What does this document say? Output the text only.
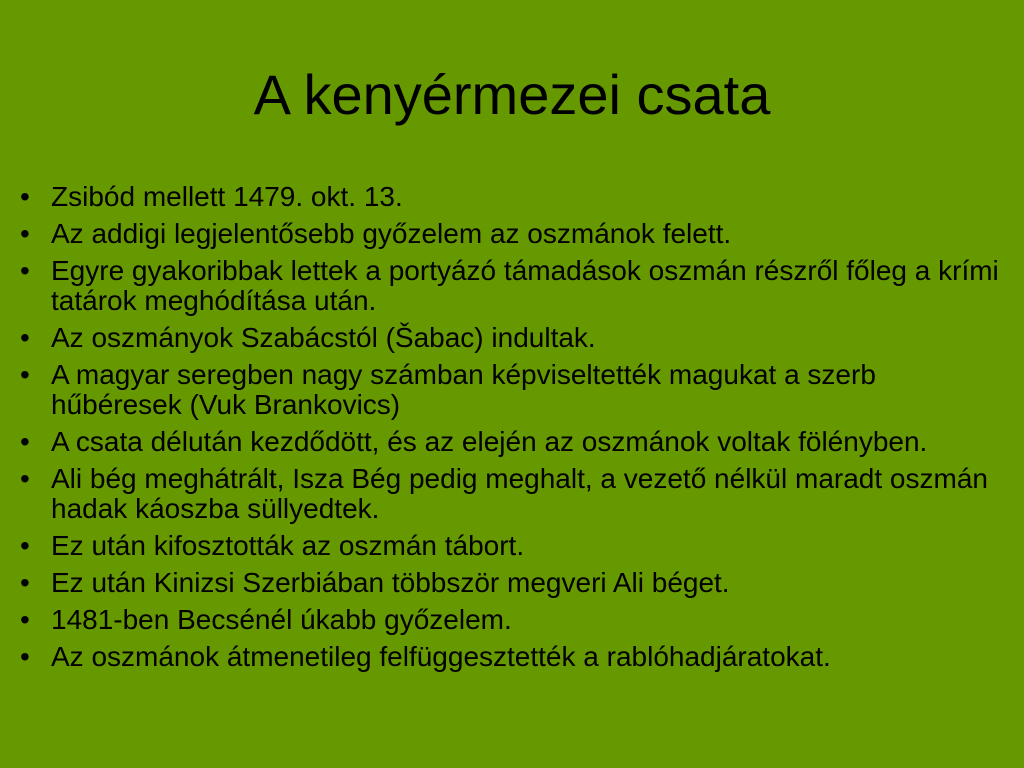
A kenyérmezei csata
• Zsibód mellett 1479. okt. 13.
• Az addigi legjelentősebb győzelem az oszmánok felett.
• Egyre gyakoribbak lettek a portyázó támadások oszmán részről főleg a krími tatárok meghódítása után.
• Az oszmányok Szabácstól (Šabac) indultak.
• A magyar seregben nagy számban képviseltették magukat a szerb hűbéresek (Vuk Brankovics)
• A csata délután kezdődött, és az elején az oszmánok voltak fölényben.
• Ali bég meghátrált, Isza Bég pedig meghalt, a vezető nélkül maradt oszmán hadak káoszba süllyedtek.
• Ez után kifosztották az oszmán tábort.
• Ez után Kinizsi Szerbiában többször megveri Ali béget.
• 1481-ben Becsénél úkabb győzelem.
• Az oszmánok átmenetileg felfüggesztették a rablóhadjáratokat.
